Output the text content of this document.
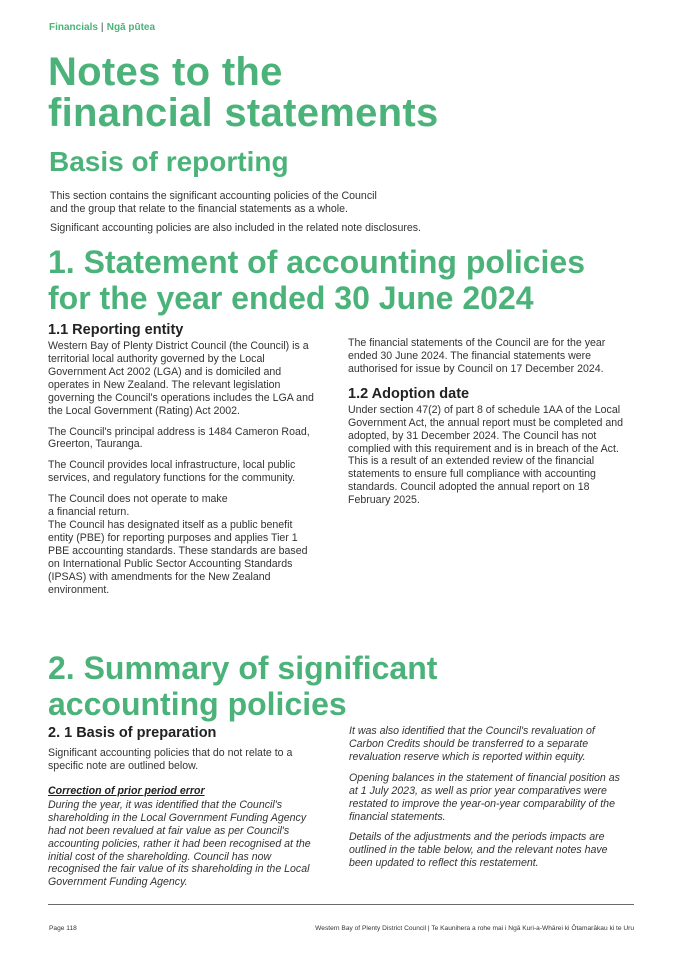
Financials | Ngā pūtea
Notes to the
financial statements
Basis of reporting
This section contains the significant accounting policies of the Council
and the group that relate to the financial statements as a whole.
Significant accounting policies are also included in the related note disclosures.
1. Statement of accounting policies
for the year ended 30 June 2024
1.1 Reporting entity

Western Bay of Plenty District Council (the Council) is a territorial local authority governed by the Local Government Act 2002 (LGA) and is domiciled and operates in New Zealand. The relevant legislation governing the Council's operations includes the LGA and the Local Government (Rating) Act 2002.

The Council's principal address is 1484 Cameron Road, Greerton, Tauranga.

The Council provides local infrastructure, local public services, and regulatory functions for the community.

The Council does not operate to make
a financial return.

The Council has designated itself as a public benefit entity (PBE) for reporting purposes and applies Tier 1 PBE accounting standards. These standards are based on International Public Sector Accounting Standards (IPSAS) with amendments for the New Zealand environment.

The financial statements of the Council are for the year ended 30 June 2024. The financial statements were authorised for issue by Council on 17 December 2024.

1.2 Adoption date

Under section 47(2) of part 8 of schedule 1AA of the Local Government Act, the annual report must be completed and adopted, by 31 December 2024. The Council has not complied with this requirement and is in breach of the Act. This is a result of an extended review of the financial statements to ensure full compliance with accounting standards. Council adopted the annual report on 18 February 2025.

2. Summary of significant
accounting policies
2. 1 Basis of preparation

Significant accounting policies that do not relate to a specific note are outlined below.

Correction of prior period error

During the year, it was identified that the Council's shareholding in the Local Government Funding Agency had not been revalued at fair value as per Council's accounting policies, rather it had been recognised at the initial cost of the shareholding. Council has now recognised the fair value of its shareholding in the Local Government Funding Agency.

It was also identified that the Council's revaluation of Carbon Credits should be transferred to a separate revaluation reserve which is reported within equity.

Opening balances in the statement of financial position as at 1 July 2023, as well as prior year comparatives were restated to improve the year-on-year comparability of the financial statements.

Details of the adjustments and the periods impacts are outlined in the table below, and the relevant notes have been updated to reflect this restatement.

Page 118	Western Bay of Plenty District Council | Te Kaunihera a rohe mai i Ngā Kuri-a-Whārei ki Ōtamarākau ki te Uru
